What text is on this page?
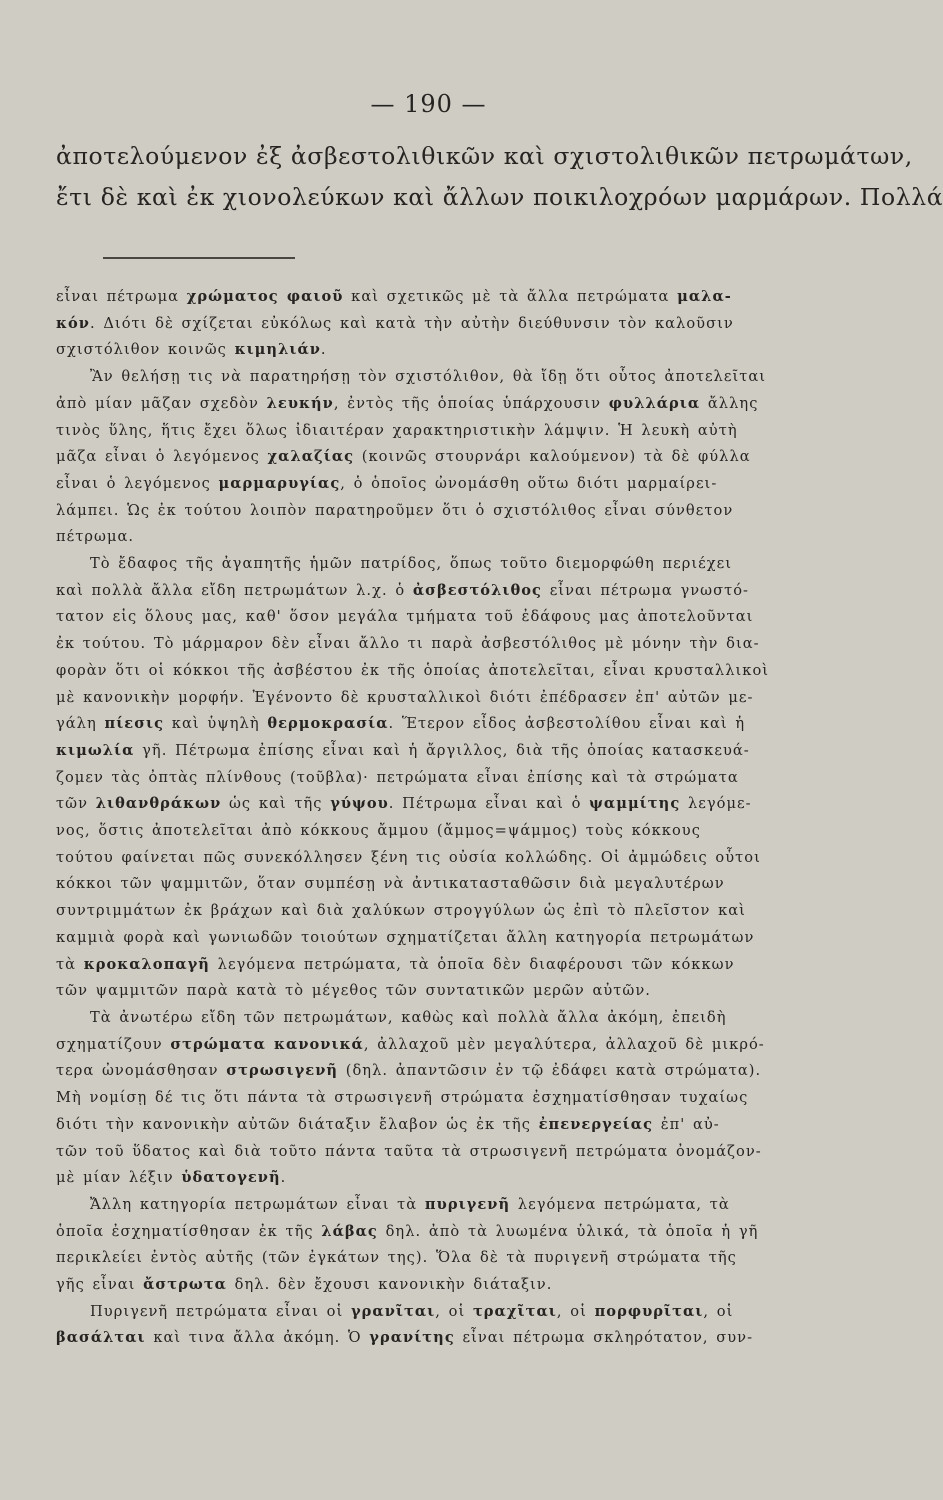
— 190 —
ἀποτελούμενον ἐξ ἀσβεστολιθικῶν καὶ σχιστολιθικῶν πετρωμάτων,
ἔτι δὲ καὶ ἐκ χιονολεύκων καὶ ἄλλων ποικιλοχρόων μαρμάρων. Πολλά
εἶναι πέτρωμα χρώματος φαιοῦ καὶ σχετικῶς μὲ τὰ ἄλλα πετρώματα μαλα-
κόν. Διότι δὲ σχίζεται εὐκόλως καὶ κατὰ τὴν αὐτὴν διεύθυνσιν τὸν καλοῦσιν
σχιστόλιθον κοινῶς κιμηλιάν.
Ἂν θελήσῃ τις νὰ παρατηρήσῃ τὸν σχιστόλιθον, θὰ ἴδῃ ὅτι οὗτος ἀποτελεῖται
ἀπὸ μίαν μᾶζαν σχεδὸν λευκήν, ἐντὸς τῆς ὁποίας ὑπάρχουσιν φυλλάρια ἄλλης
τινὸς ὕλης, ἥτις ἔχει ὅλως ἰδιαιτέραν χαρακτηριστικὴν λάμψιν. Ἡ λευκὴ αὐτὴ
μᾶζα εἶναι ὁ λεγόμενος χαλαζίας (κοινῶς στουρνάρι καλούμενον) τὰ δὲ φύλλα
εἶναι ὁ λεγόμενος μαρμαρυγίας, ὁ ὁποῖος ὠνομάσθη οὕτω διότι μαρμαίρει-
λάμπει. Ὡς ἐκ τούτου λοιπὸν παρατηροῦμεν ὅτι ὁ σχιστόλιθος εἶναι σύνθετον
πέτρωμα.
Τὸ ἔδαφος τῆς ἀγαπητῆς ἡμῶν πατρίδος, ὅπως τοῦτο διεμορφώθη περιέχει
καὶ πολλὰ ἄλλα εἴδη πετρωμάτων λ.χ. ὁ ἀσβεστόλιθος εἶναι πέτρωμα γνωστό-
τατον εἰς ὅλους μας, καθ' ὅσον μεγάλα τμήματα τοῦ ἐδάφους μας ἀποτελοῦνται
ἐκ τούτου. Τὸ μάρμαρον δὲν εἶναι ἄλλο τι παρὰ ἀσβεστόλιθος μὲ μόνην τὴν δια-
φορὰν ὅτι οἱ κόκκοι τῆς ἀσβέστου ἐκ τῆς ὁποίας ἀποτελεῖται, εἶναι κρυσταλλικοὶ
μὲ κανονικὴν μορφήν. Ἐγένοντο δὲ κρυσταλλικοὶ διότι ἐπέδρασεν ἐπ' αὐτῶν με-
γάλη πίεσις καὶ ὑψηλὴ θερμοκρασία. Ἕτερον εἶδος ἀσβεστολίθου εἶναι καὶ ἡ
κιμωλία γῆ. Πέτρωμα ἐπίσης εἶναι καὶ ἡ ἄργιλλος, διὰ τῆς ὁποίας κατασκευά-
ζομεν τὰς ὀπτὰς πλίνθους (τοῦβλα)· πετρώματα εἶναι ἐπίσης καὶ τὰ στρώματα
τῶν λιθανθράκων ὡς καὶ τῆς γύψου. Πέτρωμα εἶναι καὶ ὁ ψαμμίτης λεγόμε-
νος, ὅστις ἀποτελεῖται ἀπὸ κόκκους ἄμμου (ἄμμος=ψάμμος) τοὺς κόκκους
τούτου φαίνεται πῶς συνεκόλλησεν ξένη τις οὐσία κολλώδης. Οἱ ἀμμώδεις οὗτοι
κόκκοι τῶν ψαμμιτῶν, ὅταν συμπέσῃ νὰ ἀντικατασταθῶσιν διὰ μεγαλυτέρων
συντριμμάτων ἐκ βράχων καὶ διὰ χαλύκων στρογγύλων ὡς ἐπὶ τὸ πλεῖστον καὶ
καμμιὰ φορὰ καὶ γωνιωδῶν τοιούτων σχηματίζεται ἄλλη κατηγορία πετρωμάτων
τὰ κροκαλοπαγῆ λεγόμενα πετρώματα, τὰ ὁποῖα δὲν διαφέρουσι τῶν κόκκων
τῶν ψαμμιτῶν παρὰ κατὰ τὸ μέγεθος τῶν συντατικῶν μερῶν αὐτῶν.
Τὰ ἀνωτέρω εἴδη τῶν πετρωμάτων, καθὼς καὶ πολλὰ ἄλλα ἀκόμη, ἐπειδὴ
σχηματίζουν στρώματα κανονικά, ἀλλαχοῦ μὲν μεγαλύτερα, ἀλλαχοῦ δὲ μικρό-
τερα ὠνομάσθησαν στρωσιγενῆ (δηλ. ἀπαντῶσιν ἐν τῷ ἐδάφει κατὰ στρώματα).
Μὴ νομίσῃ δέ τις ὅτι πάντα τὰ στρωσιγενῆ στρώματα ἐσχηματίσθησαν τυχαίως
διότι τὴν κανονικὴν αὐτῶν διάταξιν ἔλαβον ὡς ἐκ τῆς ἐπενεργείας ἐπ' αὐ-
τῶν τοῦ ὕδατος καὶ διὰ τοῦτο πάντα ταῦτα τὰ στρωσιγενῆ πετρώματα ὀνομάζον-
μὲ μίαν λέξιν ὑδατογενῆ.
Ἄλλη κατηγορία πετρωμάτων εἶναι τὰ πυριγενῆ λεγόμενα πετρώματα, τὰ
ὁποῖα ἐσχηματίσθησαν ἐκ τῆς λάβας δηλ. ἀπὸ τὰ λυωμένα ὑλικά, τὰ ὁποῖα ἡ γῆ
περικλείει ἐντὸς αὐτῆς (τῶν ἐγκάτων της). Ὅλα δὲ τὰ πυριγενῆ στρώματα τῆς
γῆς εἶναι ἄστρωτα δηλ. δὲν ἔχουσι κανονικὴν διάταξιν.
Πυριγενῆ πετρώματα εἶναι οἱ γρανῖται, οἱ τραχῖται, οἱ πορφυρῖται, οἱ
βασάλται καὶ τινα ἄλλα ἀκόμη. Ὁ γρανίτης εἶναι πέτρωμα σκληρότατον, συν-
